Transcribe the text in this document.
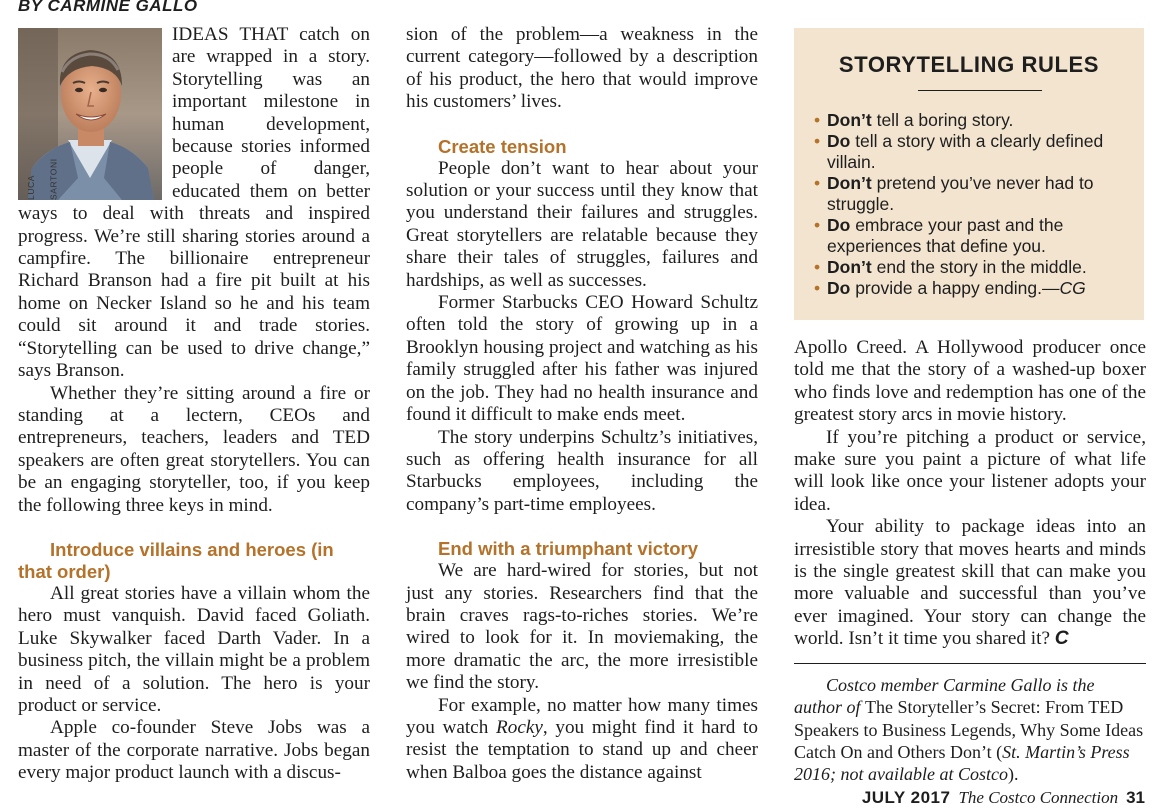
BY CARMINE GALLO
LUCA SARTONI

IDEAS THAT catch on are wrapped in a story. Storytelling was an important milestone in human development, because stories informed people of danger, educated them on better ways to deal with threats and inspired progress. We’re still sharing stories around a campfire. The billionaire entrepreneur Richard Branson had a fire pit built at his home on Necker Island so he and his team could sit around it and trade stories. “Storytelling can be used to drive change,” says Branson.

Whether they’re sitting around a fire or standing at a lectern, CEOs and entrepreneurs, teachers, leaders and TED speakers are often great storytellers. You can be an engaging storyteller, too, if you keep the following three keys in mind.

Introduce villains and heroes (in that order)

All great stories have a villain whom the hero must vanquish. David faced Goliath. Luke Skywalker faced Darth Vader. In a business pitch, the villain might be a problem in need of a solution. The hero is your product or service.

Apple co-founder Steve Jobs was a master of the corporate narrative. Jobs began every major product launch with a discus-

sion of the problem—a weakness in the current category—followed by a description of his product, the hero that would improve his customers’ lives.

Create tension

People don’t want to hear about your solution or your success until they know that you understand their failures and struggles. Great storytellers are relatable because they share their tales of struggles, failures and hardships, as well as successes.

Former Starbucks CEO Howard Schultz often told the story of growing up in a Brooklyn housing project and watching as his family struggled after his father was injured on the job. They had no health insurance and found it difficult to make ends meet.

The story underpins Schultz’s initiatives, such as offering health insurance for all Starbucks employees, including the company’s part-time employees.

End with a triumphant victory

We are hard-wired for stories, but not just any stories. Researchers find that the brain craves rags-to-riches stories. We’re wired to look for it. In moviemaking, the more dramatic the arc, the more irresistible we find the story.

For example, no matter how many times you watch Rocky, you might find it hard to resist the temptation to stand up and cheer when Balboa goes the distance against

STORYTELLING RULES
• Don’t tell a boring story.
• Do tell a story with a clearly defined villain.
• Don’t pretend you’ve never had to struggle.
• Do embrace your past and the experiences that define you.
• Don’t end the story in the middle.
• Do provide a happy ending.—CG

Apollo Creed. A Hollywood producer once told me that the story of a washed-up boxer who finds love and redemption has one of the greatest story arcs in movie history.

If you’re pitching a product or service, make sure you paint a picture of what life will look like once your listener adopts your idea.

Your ability to package ideas into an irresistible story that moves hearts and minds is the single greatest skill that can make you more valuable and successful than you’ve ever imagined. Your story can change the world. Isn’t it time you shared it? C

Costco member Carmine Gallo is the author of The Storyteller’s Secret: From TED Speakers to Business Legends, Why Some Ideas Catch On and Others Don’t (St. Martin’s Press 2016; not available at Costco).

JULY 2017 The Costco Connection 31
